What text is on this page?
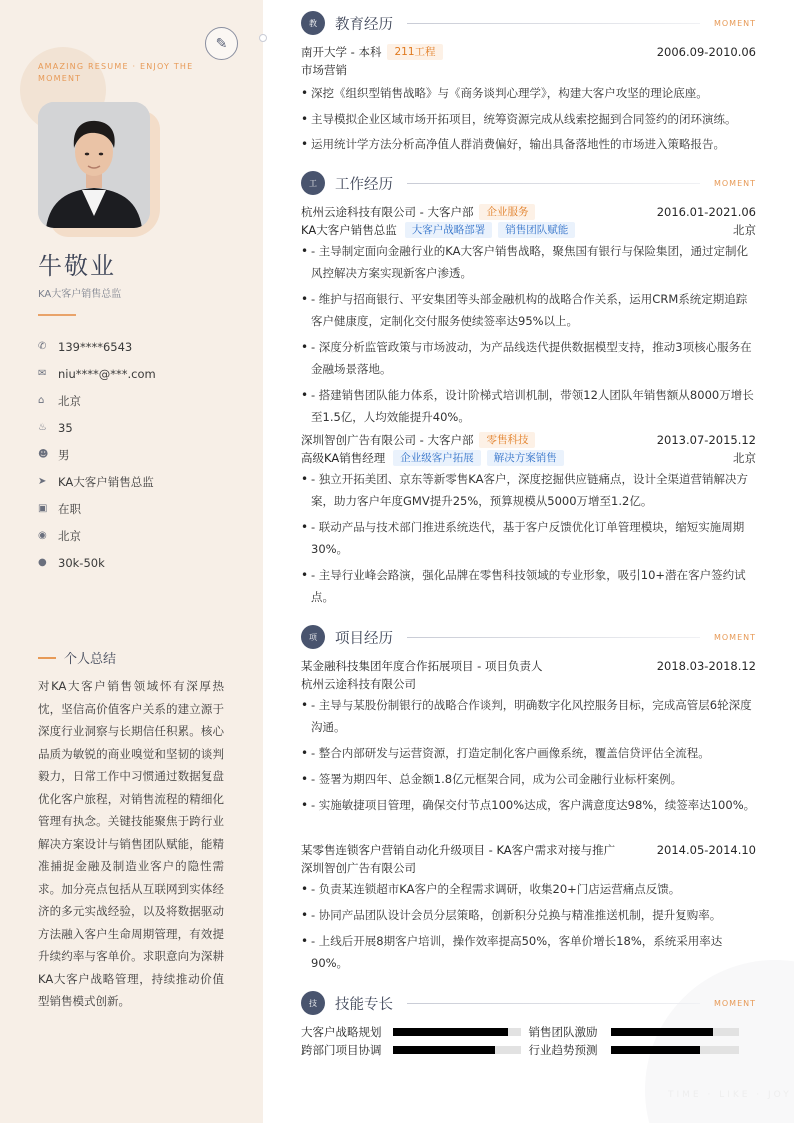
AMAZING RESUME · ENJOY THE MOMENT
牛敬业
KA大客户销售总监
✆	139****6543
✉	niu****@***.com
⌂	北京
♨ 35
☻ 男
➤	KA大客户销售总监
▣ 在职
◉ 北京
● 30k-50k
个人总结
对KA大客户销售领域怀有深厚热忱，坚信高价值客户关系的建立源于深度行业洞察与长期信任积累。核心品质为敏锐的商业嗅觉和坚韧的谈判毅力，日常工作中习惯通过数据复盘优化客户旅程，对销售流程的精细化管理有执念。关键技能聚焦于跨行业解决方案设计与销售团队赋能，能精准捕捉金融及制造业客户的隐性需求。加分亮点包括从互联网到实体经济的多元实战经验，以及将数据驱动方法融入客户生命周期管理，有效提升续约率与客单价。求职意向为深耕KA大客户战略管理，持续推动价值型销售模式创新。
✎
TIME · LIKE · JOY
教	教育经历	MOMENT
南开大学 - 本科	211工程	2006.09-2010.06
市场营销
• 深挖《组织型销售战略》与《商务谈判心理学》，构建大客户攻坚的理论底座。
• 主导模拟企业区域市场开拓项目，统筹资源完成从线索挖掘到合同签约的闭环演练。
• 运用统计学方法分析高净值人群消费偏好，输出具备落地性的市场进入策略报告。
工	工作经历	MOMENT
杭州云途科技有限公司 - 大客户部	企业服务	2016.01-2021.06
KA大客户销售总监	大客户战略部署	销售团队赋能	北京
• - 主导制定面向金融行业的KA大客户销售战略，聚焦国有银行与保险集团，通过定制化风控解决方案实现新客户渗透。
• - 维护与招商银行、平安集团等头部金融机构的战略合作关系，运用CRM系统定期追踪客户健康度，定制化交付服务使续签率达95%以上。
• - 深度分析监管政策与市场波动，为产品线迭代提供数据模型支持，推动3项核心服务在金融场景落地。
• - 搭建销售团队能力体系，设计阶梯式培训机制，带领12人团队年销售额从8000万增长至1.5亿，人均效能提升40%。
深圳智创广告有限公司 - 大客户部	零售科技	2013.07-2015.12
高级KA销售经理	企业级客户拓展	解决方案销售	北京
• - 独立开拓美团、京东等新零售KA客户，深度挖掘供应链痛点，设计全渠道营销解决方案，助力客户年度GMV提升25%，预算规模从5000万增至1.2亿。
• - 联动产品与技术部门推进系统迭代，基于客户反馈优化订单管理模块，缩短实施周期30%。
• - 主导行业峰会路演，强化品牌在零售科技领域的专业形象，吸引10+潜在客户签约试点。
项	项目经历	MOMENT
某金融科技集团年度合作拓展项目 - 项目负责人	2018.03-2018.12
杭州云途科技有限公司
• - 主导与某股份制银行的战略合作谈判，明确数字化风控服务目标，完成高管层6轮深度沟通。
• - 整合内部研发与运营资源，打造定制化客户画像系统，覆盖信贷评估全流程。
• - 签署为期四年、总金额1.8亿元框架合同，成为公司金融行业标杆案例。
• - 实施敏捷项目管理，确保交付节点100%达成，客户满意度达98%，续签率达100%。
某零售连锁客户营销自动化升级项目 - KA客户需求对接与推广	2014.05-2014.10
深圳智创广告有限公司
• - 负责某连锁超市KA客户的全程需求调研，收集20+门店运营痛点反馈。
• - 协同产品团队设计会员分层策略，创新积分兑换与精准推送机制，提升复购率。
• - 上线后开展8期客户培训，操作效率提高50%，客单价增长18%，系统采用率达90%。
技	技能专长	MOMENT
大客户战略规划	销售团队激励
跨部门项目协调	行业趋势预测
